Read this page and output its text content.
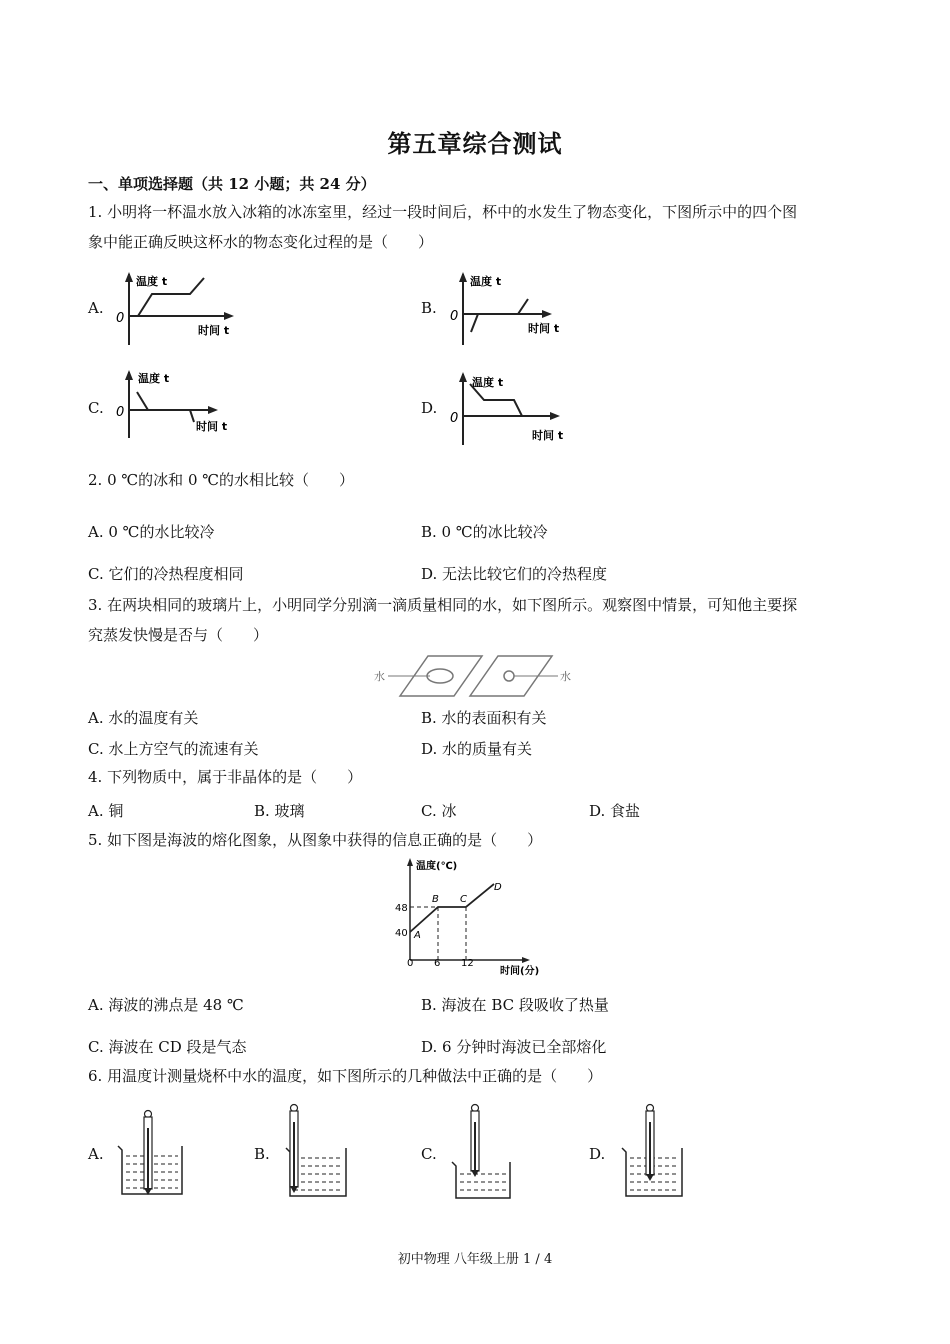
第五章综合测试
一、单项选择题（共 12 小题；共 24 分）
1. 小明将一杯温水放入冰箱的冰冻室里，经过一段时间后，杯中的水发生了物态变化，下图所示中的四个图
象中能正确反映这杯水的物态变化过程的是（　　）
A.	B.
C.	D.
0
温度 t
时间 t
0
温度 t
时间 t
0
温度 t
时间 t
0
温度 t
时间 t
2. 0 ℃的冰和 0 ℃的水相比较（　　）
A. 0 ℃的水比较冷	B. 0 ℃的冰比较冷
C. 它们的冷热程度相同	D. 无法比较它们的冷热程度
3. 在两块相同的玻璃片上，小明同学分别滴一滴质量相同的水，如下图所示。观察图中情景，可知他主要探
究蒸发快慢是否与（　　）
水	水
A. 水的温度有关	B. 水的表面积有关
C. 水上方空气的流速有关	D. 水的质量有关
4. 下列物质中，属于非晶体的是（　　）
A. 铜	B. 玻璃	C. 冰	D. 食盐
5. 如下图是海波的熔化图象，从图象中获得的信息正确的是（　　）
温度(℃)
时间(分)
48
40
0 6 12
A
B C
D
A. 海波的沸点是 48 ℃	B. 海波在 BC 段吸收了热量
C. 海波在 CD 段是气态	D. 6 分钟时海波已全部熔化
6. 用温度计测量烧杯中水的温度，如下图所示的几种做法中正确的是（　　）
A.	B.	C.	D.
初中物理 八年级上册 1 / 4
